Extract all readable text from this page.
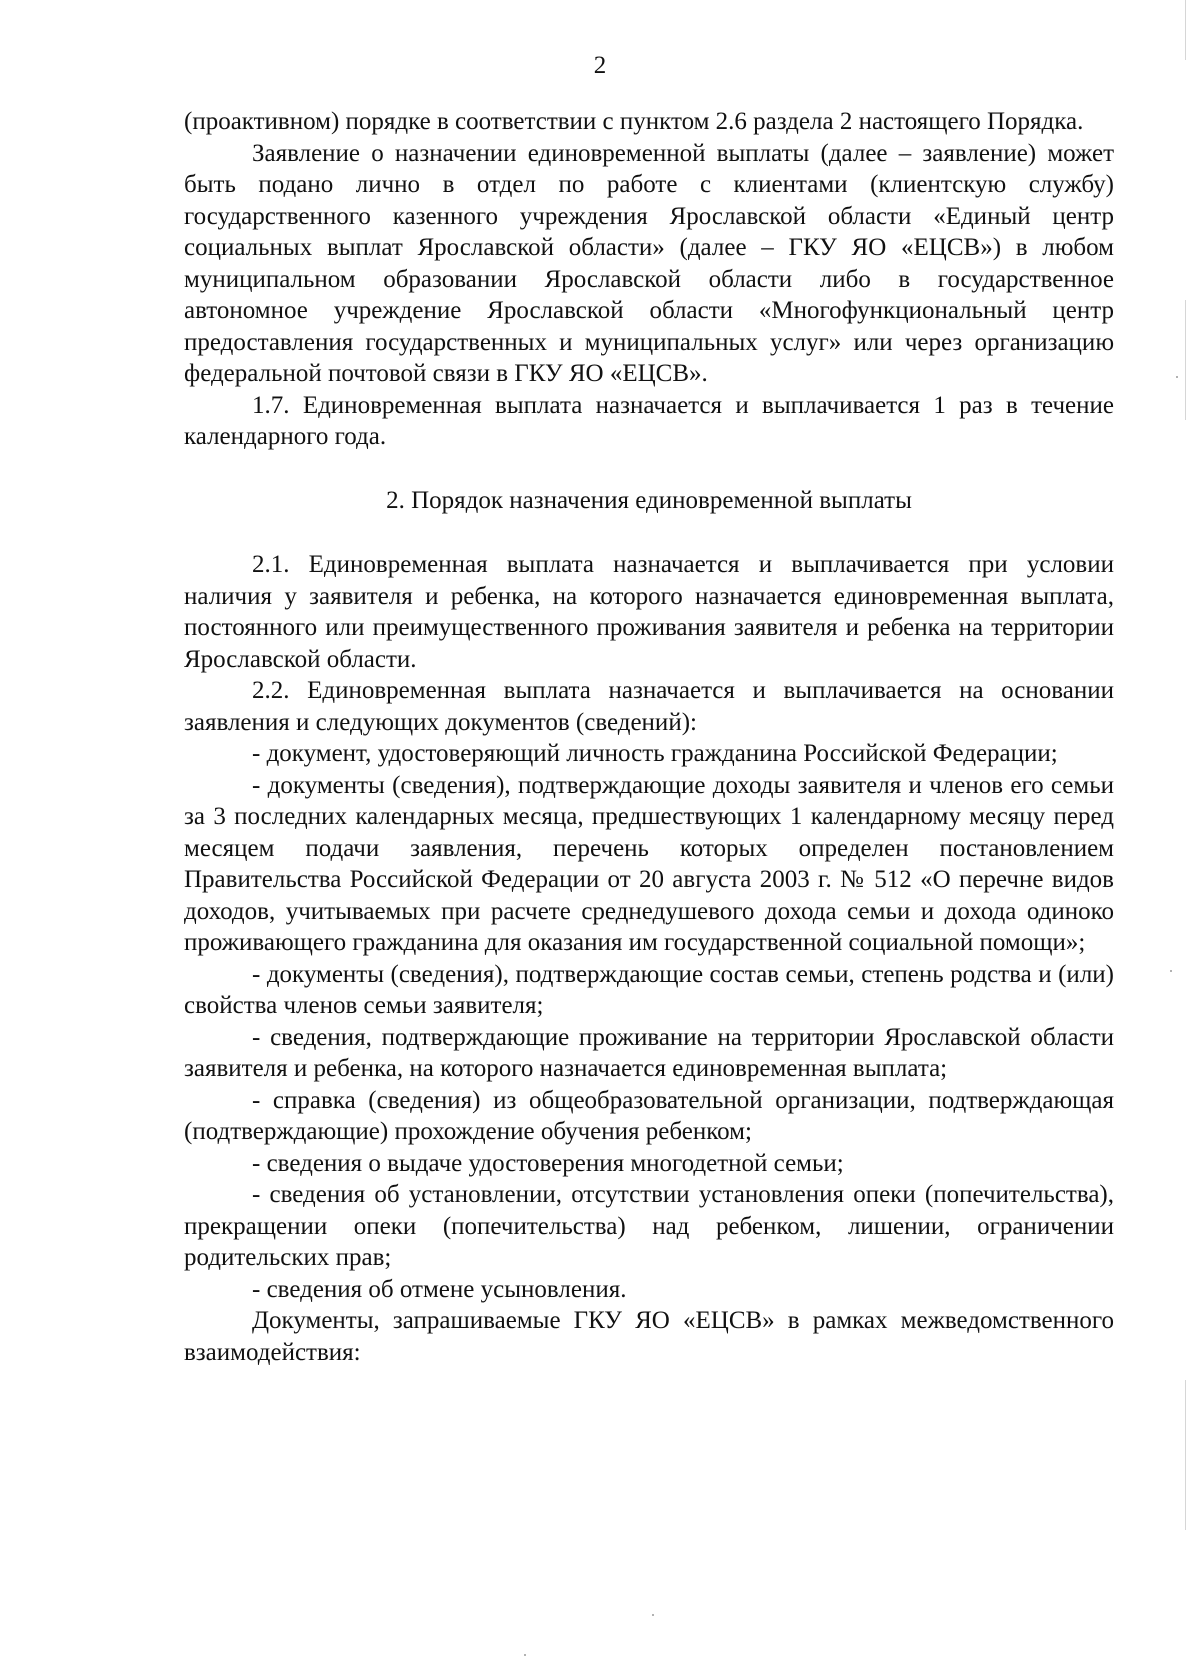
2

(проактивном) порядке в соответствии с пунктом 2.6 раздела 2 настоящего Порядка.

Заявление о назначении единовременной выплаты (далее – заявление) может быть подано лично в отдел по работе с клиентами (клиентскую службу) государственного казенного учреждения Ярославской области «Единый центр социальных выплат Ярославской области» (далее – ГКУ ЯО «ЕЦСВ») в любом муниципальном образовании Ярославской области либо в государственное автономное учреждение Ярославской области «Многофункциональный центр предоставления государственных и муниципальных услуг» или через организацию федеральной почтовой связи в ГКУ ЯО «ЕЦСВ».

1.7. Единовременная выплата назначается и выплачивается 1 раз в течение календарного года.

2. Порядок назначения единовременной выплаты

2.1. Единовременная выплата назначается и выплачивается при условии наличия у заявителя и ребенка, на которого назначается единовременная выплата, постоянного или преимущественного проживания заявителя и ребенка на территории Ярославской области.

2.2. Единовременная выплата назначается и выплачивается на основании заявления и следующих документов (сведений):

- документ, удостоверяющий личность гражданина Российской Федерации;

- документы (сведения), подтверждающие доходы заявителя и членов его семьи за 3 последних календарных месяца, предшествующих 1 календарному месяцу перед месяцем подачи заявления, перечень которых определен постановлением Правительства Российской Федерации от 20 августа 2003 г. № 512 «О перечне видов доходов, учитываемых при расчете среднедушевого дохода семьи и дохода одиноко проживающего гражданина для оказания им государственной социальной помощи»;

- документы (сведения), подтверждающие состав семьи, степень родства и (или) свойства членов семьи заявителя;

- сведения, подтверждающие проживание на территории Ярославской области заявителя и ребенка, на которого назначается единовременная выплата;

- справка (сведения) из общеобразовательной организации, подтверждающая (подтверждающие) прохождение обучения ребенком;

- сведения о выдаче удостоверения многодетной семьи;

- сведения об установлении, отсутствии установления опеки (попечительства), прекращении опеки (попечительства) над ребенком, лишении, ограничении родительских прав;

- сведения об отмене усыновления.

Документы, запрашиваемые ГКУ ЯО «ЕЦСВ» в рамках межведомственного взаимодействия:
